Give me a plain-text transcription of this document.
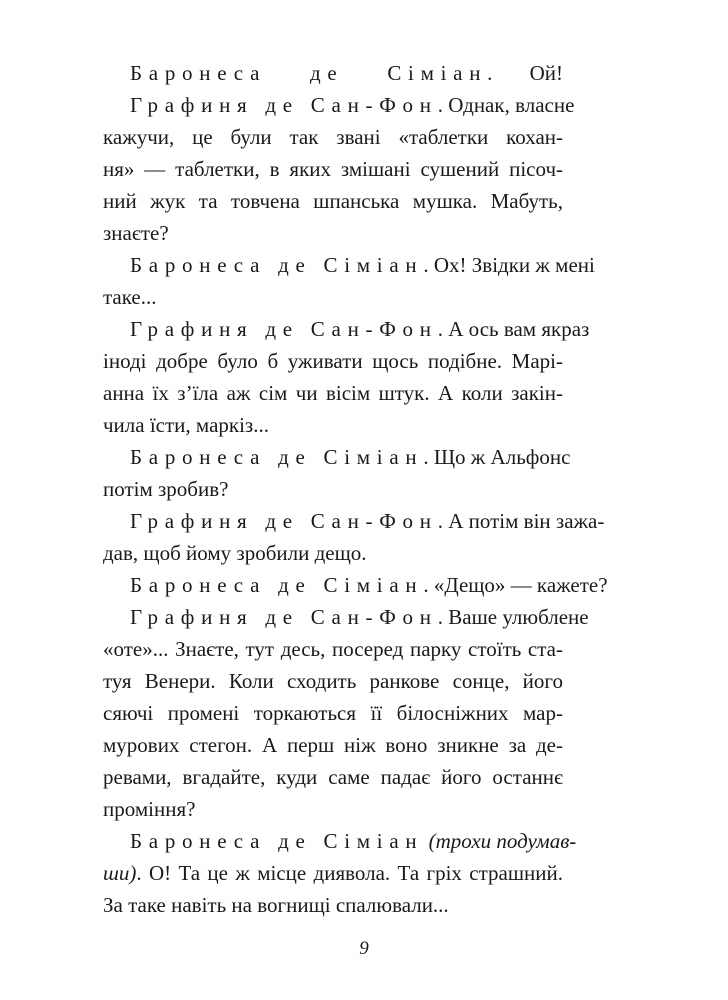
Баронеса де Сіміан. Ой!
Графиня де Сан-Фон. Однак, власне
кажучи, це були так звані «таблетки кохан-
ня» — таблетки, в яких змішані сушений пісоч-
ний жук та товчена шпанська мушка. Мабуть,
знаєте?
Баронеса де Сіміан. Ох! Звідки ж мені
таке...
Графиня де Сан-Фон. А ось вам якраз
іноді добре було б уживати щось подібне. Марі-
анна їх з’їла аж сім чи вісім штук. А коли закін-
чила їсти, маркіз...
Баронеса де Сіміан. Що ж Альфонс
потім зробив?
Графиня де Сан-Фон. А потім він зажа-
дав, щоб йому зробили дещо.
Баронеса де Сіміан. «Дещо» — кажете?
Графиня де Сан-Фон. Ваше улюблене
«оте»... Знаєте, тут десь, посеред парку стоїть ста-
туя Венери. Коли сходить ранкове сонце, його
сяючі промені торкаються її білосніжних мар-
мурових стегон. А перш ніж воно зникне за де-
ревами, вгадайте, куди саме падає його останнє
проміння?
Баронеса де Сіміан (трохи подумав-
ши). О! Та це ж місце диявола. Та гріх страшний.
За таке навіть на вогнищі спалювали...
9
